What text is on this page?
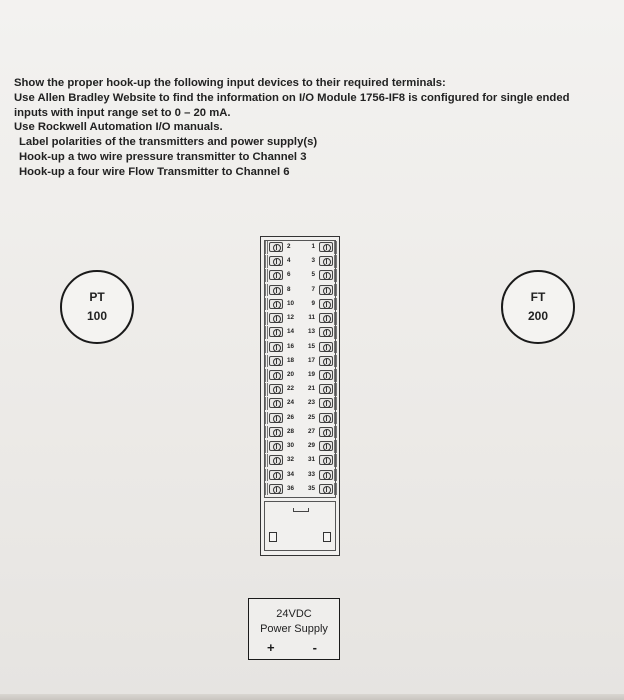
Show the proper hook-up the following input devices to their required terminals:
Use Allen Bradley Website to find the information on I/O Module 1756-IF8 is configured for single ended
inputs with input range set to 0 – 20 mA.
Use Rockwell Automation I/O manuals.
Label polarities of the transmitters and power supply(s)
Hook-up a two wire pressure transmitter to Channel 3
Hook-up a four wire Flow Transmitter to Channel 6
PT
100
FT
200
2	1
4	3
6	5
8	7
10	9
12 11
14 13
16 15
18 17
20 19
22 21
24 23
26 25
28 27
30 29
32 31
34 33
36 35
24VDC
Power Supply
+	-
